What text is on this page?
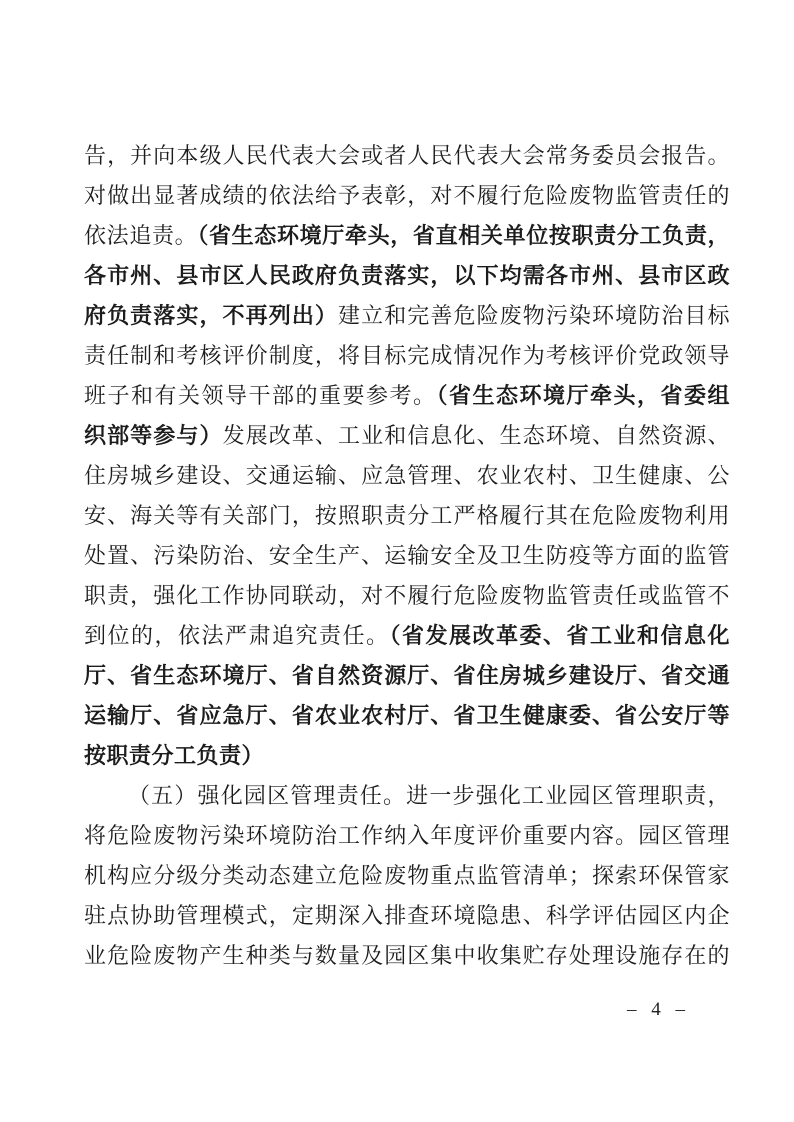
告，并向本级人民代表大会或者人民代表大会常务委员会报告。
对做出显著成绩的依法给予表彰，对不履行危险废物监管责任的
依法追责。（省生态环境厅牵头，省直相关单位按职责分工负责，
各市州、县市区人民政府负责落实，以下均需各市州、县市区政
府负责落实，不再列出）建立和完善危险废物污染环境防治目标
责任制和考核评价制度，将目标完成情况作为考核评价党政领导
班子和有关领导干部的重要参考。（省生态环境厅牵头，省委组
织部等参与）发展改革、工业和信息化、生态环境、自然资源、
住房城乡建设、交通运输、应急管理、农业农村、卫生健康、公
安、海关等有关部门，按照职责分工严格履行其在危险废物利用
处置、污染防治、安全生产、运输安全及卫生防疫等方面的监管
职责，强化工作协同联动，对不履行危险废物监管责任或监管不
到位的，依法严肃追究责任。（省发展改革委、省工业和信息化
厅、省生态环境厅、省自然资源厅、省住房城乡建设厅、省交通
运输厅、省应急厅、省农业农村厅、省卫生健康委、省公安厅等
按职责分工负责）
（五）强化园区管理责任。进一步强化工业园区管理职责，
将危险废物污染环境防治工作纳入年度评价重要内容。园区管理
机构应分级分类动态建立危险废物重点监管清单；探索环保管家
驻点协助管理模式，定期深入排查环境隐患、科学评估园区内企
业危险废物产生种类与数量及园区集中收集贮存处理设施存在的
– 4 –
